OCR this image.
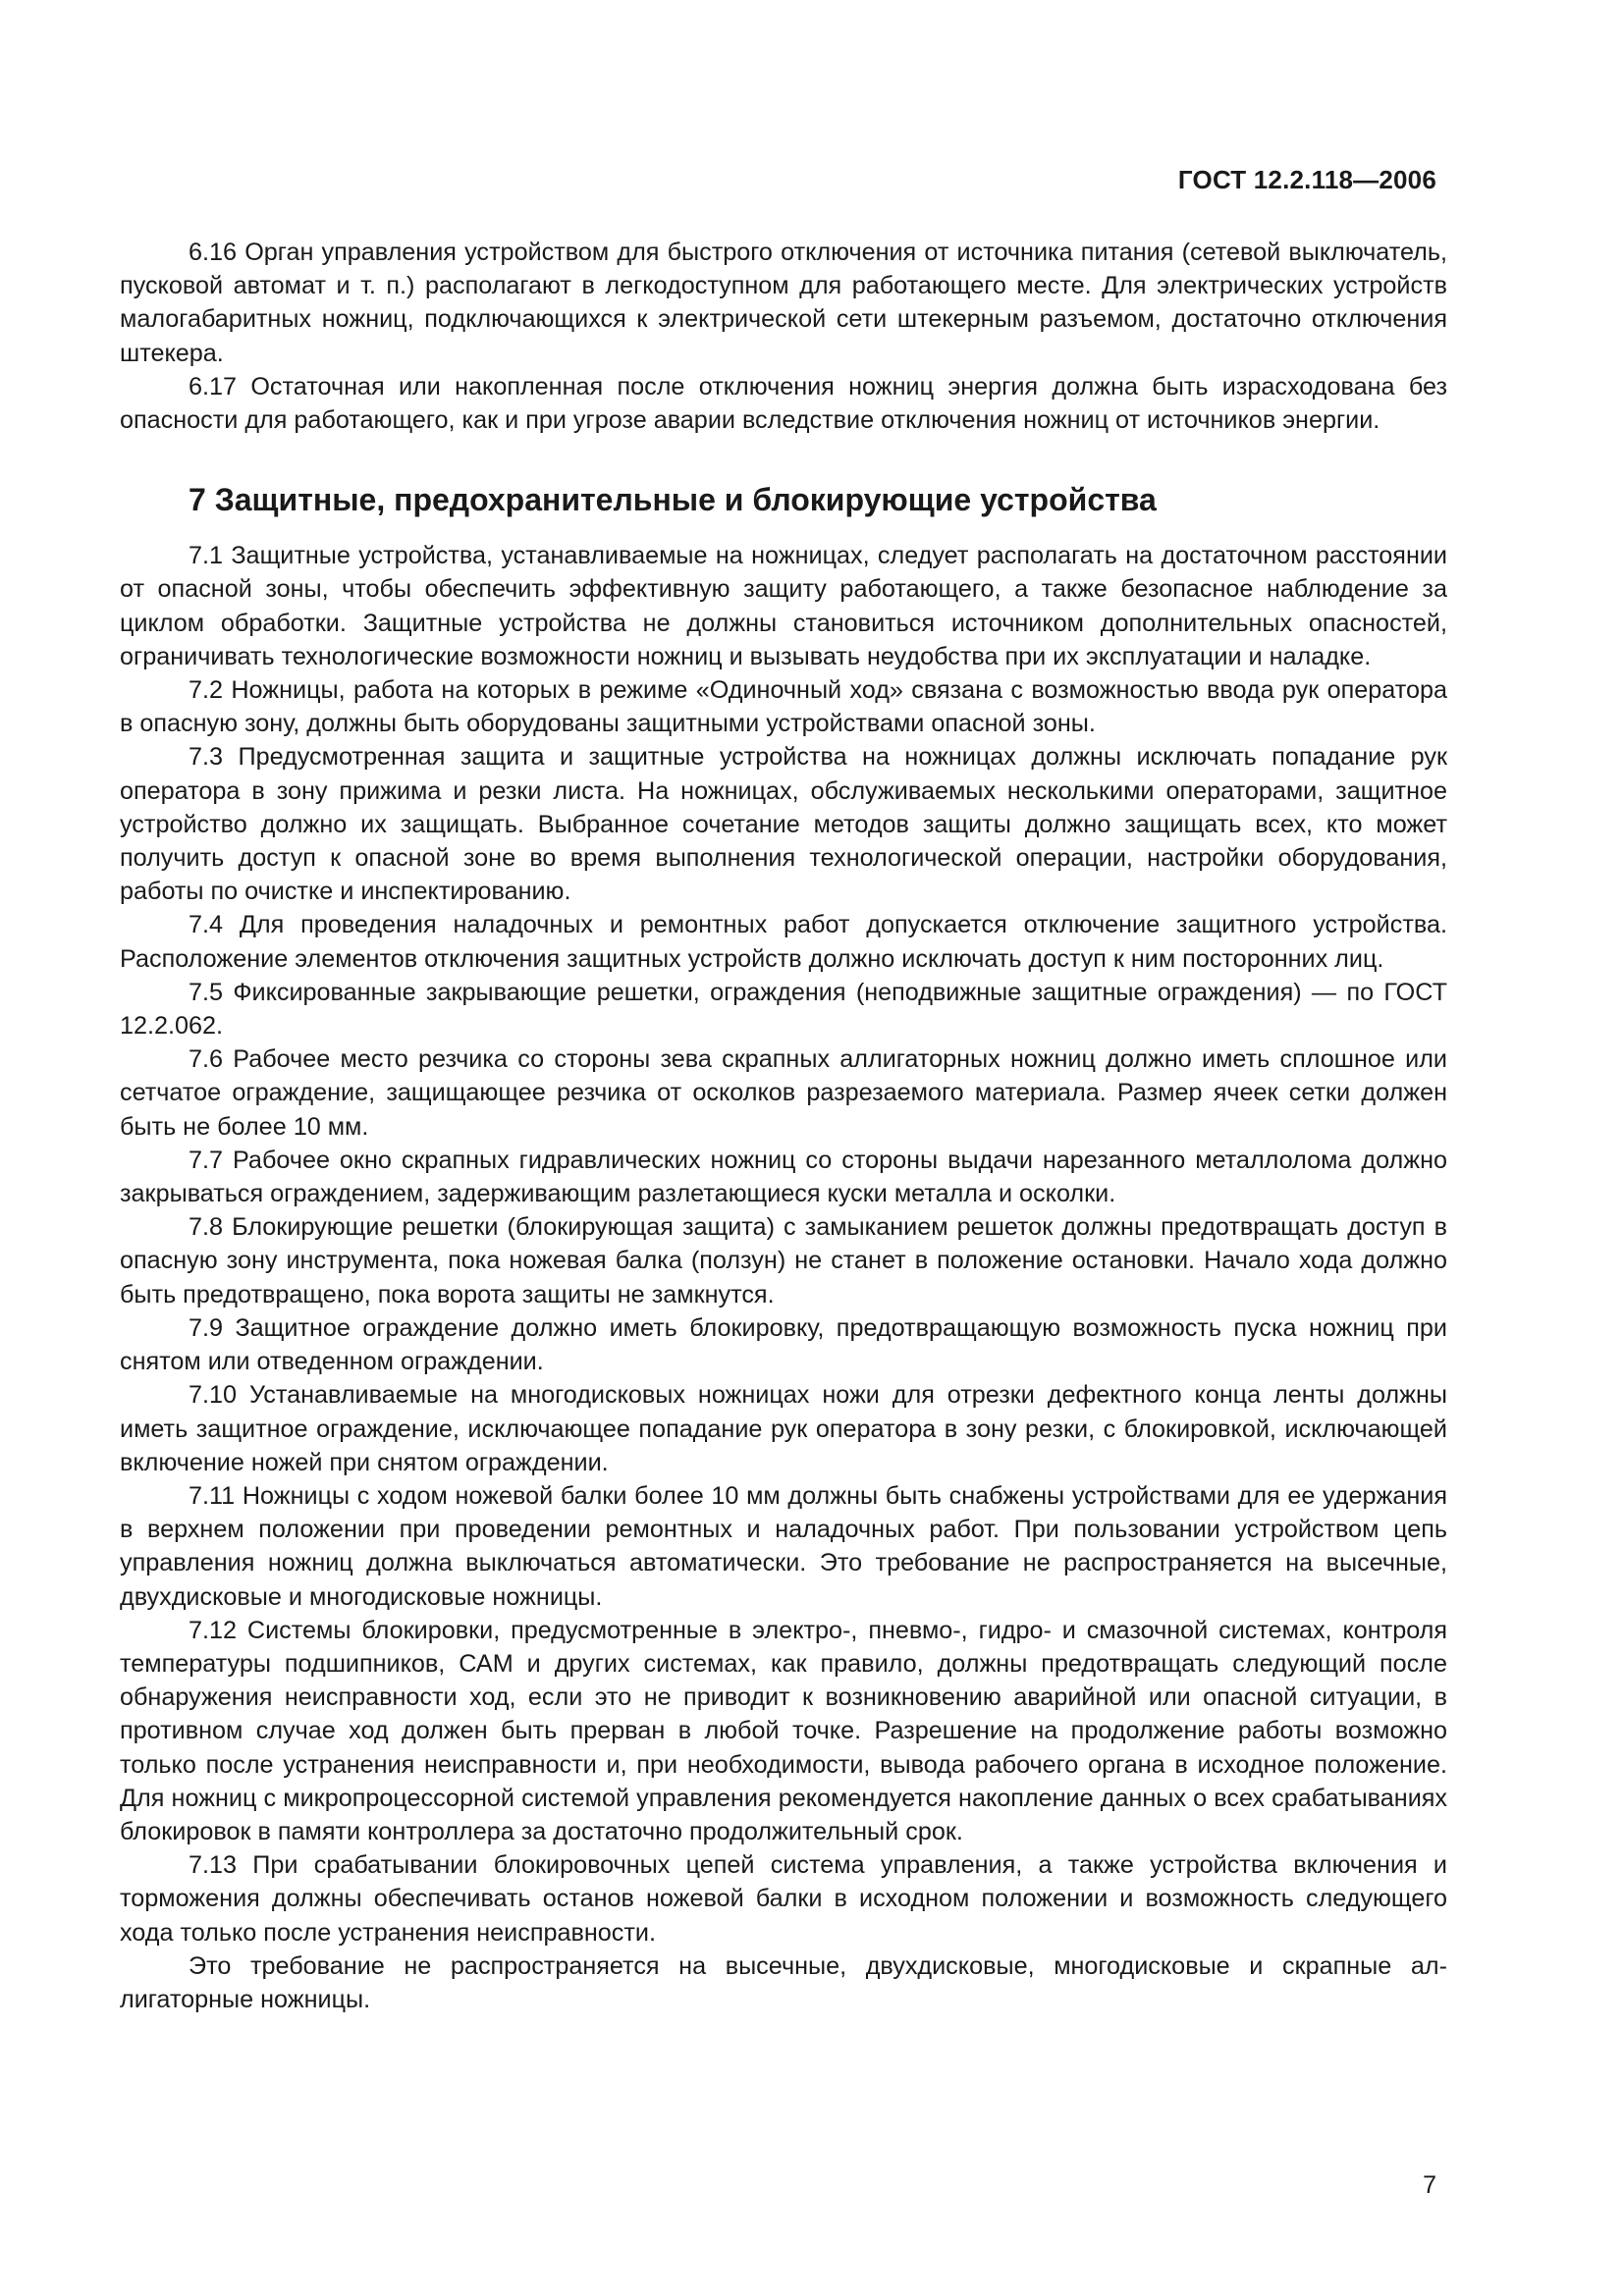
ГОСТ 12.2.118—2006

6.16 Орган управления устройством для быстрого отключения от источника питания (сетевой выключатель, пусковой автомат и т. п.) располагают в легкодоступном для работающего месте. Для электрических устройств малогабаритных ножниц, подключающихся к электрической сети штекерным разъемом, достаточно отключения штекера.

6.17 Остаточная или накопленная после отключения ножниц энергия должна быть израсходована без опасности для работающего, как и при угрозе аварии вследствие отключения ножниц от источников энергии.

7 Защитные, предохранительные и блокирующие устройства

7.1 Защитные устройства, устанавливаемые на ножницах, следует располагать на достаточном расстоянии от опасной зоны, чтобы обеспечить эффективную защиту работающего, а также безопасное наблюдение за циклом обработки. Защитные устройства не должны становиться источником дополнительных опасностей, ограничивать технологические возможности ножниц и вызывать неудобства при их эксплуатации и наладке.

7.2 Ножницы, работа на которых в режиме «Одиночный ход» связана с возможностью ввода рук оператора в опасную зону, должны быть оборудованы защитными устройствами опасной зоны.

7.3 Предусмотренная защита и защитные устройства на ножницах должны исключать попадание рук оператора в зону прижима и резки листа. На ножницах, обслуживаемых несколькими операторами, защитное устройство должно их защищать. Выбранное сочетание методов защиты должно защищать всех, кто может получить доступ к опасной зоне во время выполнения технологической операции, настройки оборудования, работы по очистке и инспектированию.

7.4 Для проведения наладочных и ремонтных работ допускается отключение защитного устройства. Расположение элементов отключения защитных устройств должно исключать доступ к ним посторонних лиц.

7.5 Фиксированные закрывающие решетки, ограждения (неподвижные защитные ограждения) — по ГОСТ 12.2.062.

7.6 Рабочее место резчика со стороны зева скрапных аллигаторных ножниц должно иметь сплошное или сетчатое ограждение, защищающее резчика от осколков разрезаемого материала. Размер ячеек сетки должен быть не более 10 мм.

7.7 Рабочее окно скрапных гидравлических ножниц со стороны выдачи нарезанного металлолома должно закрываться ограждением, задерживающим разлетающиеся куски металла и осколки.

7.8 Блокирующие решетки (блокирующая защита) с замыканием решеток должны предотвращать доступ в опасную зону инструмента, пока ножевая балка (ползун) не станет в положение остановки. Начало хода должно быть предотвращено, пока ворота защиты не замкнутся.

7.9 Защитное ограждение должно иметь блокировку, предотвращающую возможность пуска ножниц при снятом или отведенном ограждении.

7.10 Устанавливаемые на многодисковых ножницах ножи для отрезки дефектного конца ленты должны иметь защитное ограждение, исключающее попадание рук оператора в зону резки, с блокировкой, исключающей включение ножей при снятом ограждении.

7.11 Ножницы с ходом ножевой балки более 10 мм должны быть снабжены устройствами для ее удержания в верхнем положении при проведении ремонтных и наладочных работ. При пользовании устройством цепь управления ножниц должна выключаться автоматически. Это требование не распространяется на высечные, двухдисковые и многодисковые ножницы.

7.12 Системы блокировки, предусмотренные в электро-, пневмо-, гидро- и смазочной системах, контроля температуры подшипников, САМ и других системах, как правило, должны предотвращать следующий после обнаружения неисправности ход, если это не приводит к возникновению аварийной или опасной ситуации, в противном случае ход должен быть прерван в любой точке. Разрешение на продолжение работы возможно только после устранения неисправности и, при необходимости, вывода рабочего органа в исходное положение. Для ножниц с микропроцессорной системой управления рекомендуется накопление данных о всех срабатываниях блокировок в памяти контроллера за достаточно продолжительный срок.

7.13 При срабатывании блокировочных цепей система управления, а также устройства включения и торможения должны обеспечивать останов ножевой балки в исходном положении и возможность следующего хода только после устранения неисправности.

Это требование не распространяется на высечные, двухдисковые, многодисковые и скрапные аллигаторные ножницы.

7
